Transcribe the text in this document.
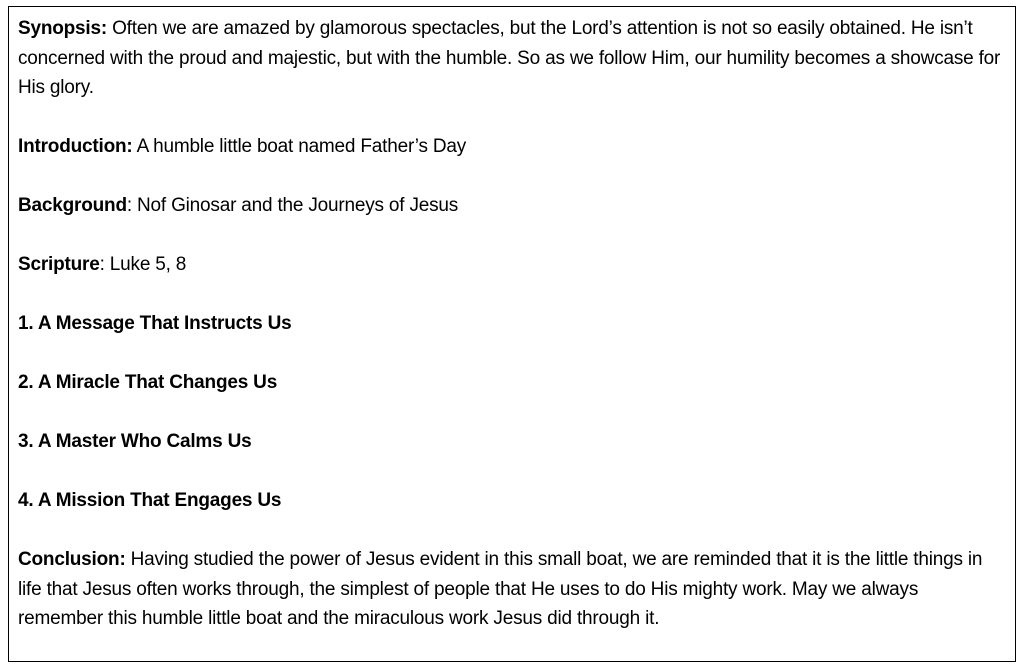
Synopsis: Often we are amazed by glamorous spectacles, but the Lord’s attention is not so easily obtained. He isn’t concerned with the proud and majestic, but with the humble. So as we follow Him, our humility becomes a showcase for His glory.

Introduction: A humble little boat named Father’s Day

Background: Nof Ginosar and the Journeys of Jesus

Scripture: Luke 5, 8

1. A Message That Instructs Us

2. A Miracle That Changes Us

3. A Master Who Calms Us

4. A Mission That Engages Us

Conclusion: Having studied the power of Jesus evident in this small boat, we are reminded that it is the little things in life that Jesus often works through, the simplest of people that He uses to do His mighty work. May we always remember this humble little boat and the miraculous work Jesus did through it.
